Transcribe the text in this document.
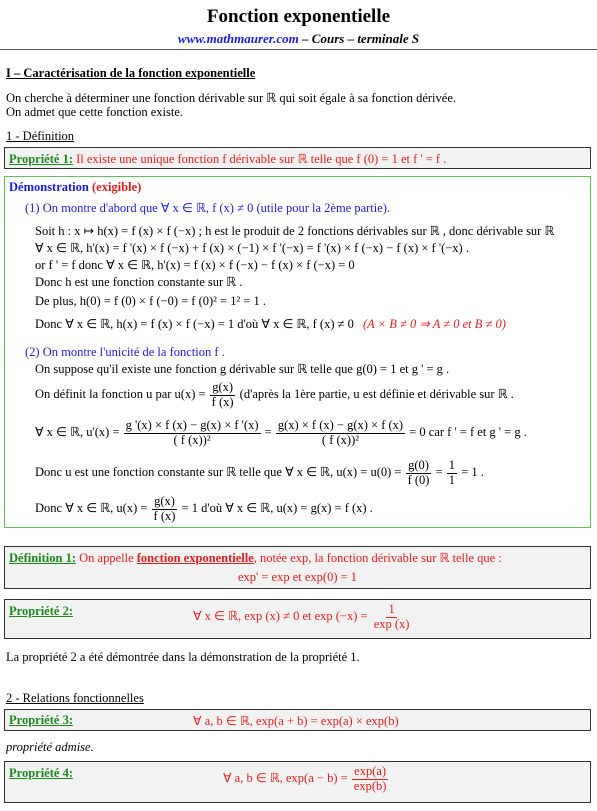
Fonction exponentielle
www.mathmaurer.com – Cours – terminale S
I – Caractérisation de la fonction exponentielle
On cherche à déterminer une fonction dérivable sur ℝ qui soit égale à sa fonction dérivée.
On admet que cette fonction existe.
1 - Définition
Propriété 1: Il existe une unique fonction f dérivable sur ℝ telle que f (0) = 1 et f ' = f .
Démonstration (exigible)
(1) On montre d'abord que ∀ x ∈ ℝ, f (x) ≠ 0 (utile pour la 2ème partie).
Soit h : x ↦ h(x) = f (x) × f (−x) ; h est le produit de 2 fonctions dérivables sur ℝ , donc dérivable sur ℝ
∀ x ∈ ℝ, h'(x) = f '(x) × f (−x) + f (x) × (−1) × f '(−x) = f '(x) × f (−x) − f (x) × f '(−x) .
or f ' = f donc ∀ x ∈ ℝ, h'(x) = f (x) × f (−x) − f (x) × f (−x) = 0
Donc h est une fonction constante sur ℝ .
De plus, h(0) = f (0) × f (−0) = f (0)² = 1² = 1 .
Donc ∀ x ∈ ℝ, h(x) = f (x) × f (−x) = 1 d'où ∀ x ∈ ℝ, f (x) ≠ 0 (A × B ≠ 0 ⇒ A ≠ 0 et B ≠ 0)
(2) On montre l'unicité de la fonction f .
On suppose qu'il existe une fonction g dérivable sur ℝ telle que g(0) = 1 et g ' = g .
On définit la fonction u par $u(x) = \frac{g(x)}{f (x)}$ (d'après la 1ère partie, u est définie et dérivable sur ℝ .
∀ x ∈ ℝ, $u'(x) = \frac{g '(x) \times f (x) - g(x) \times f '(x)}{\text{( f (x))²}} = \frac{g(x) \times f (x) - g(x) \times f (x)}{\text{( f (x))²}} = 0$ car f ' = f et g ' = g .
Donc u est une fonction constante sur ℝ telle que ∀ x ∈ ℝ, $u(x) = u(0) = \frac{g(0)}{f (0)} = \frac{1}{1} = 1$ .
Donc ∀ x ∈ ℝ, $u(x) = \frac{g(x)}{f (x)} = 1$ d'où ∀ x ∈ ℝ, u(x) = g(x) = f (x) .
Définition 1: On appelle fonction exponentielle, notée exp, la fonction dérivable sur ℝ telle que :
exp' = exp et exp(0) = 1
Propriété 2:	∀ x ∈ ℝ, exp (x) ≠ 0 et $\exp (-x) = \frac{1}{\exp (x)}$
La propriété 2 a été démontrée dans la démonstration de la propriété 1.
2 - Relations fonctionnelles
Propriété 3:	∀ a, b ∈ ℝ, exp(a + b) = exp(a) × exp(b)
propriété admise.
Propriété 4:	∀ a, b ∈ ℝ, $\exp(a - b) = \frac{\exp(a)}{\exp(b)}$
